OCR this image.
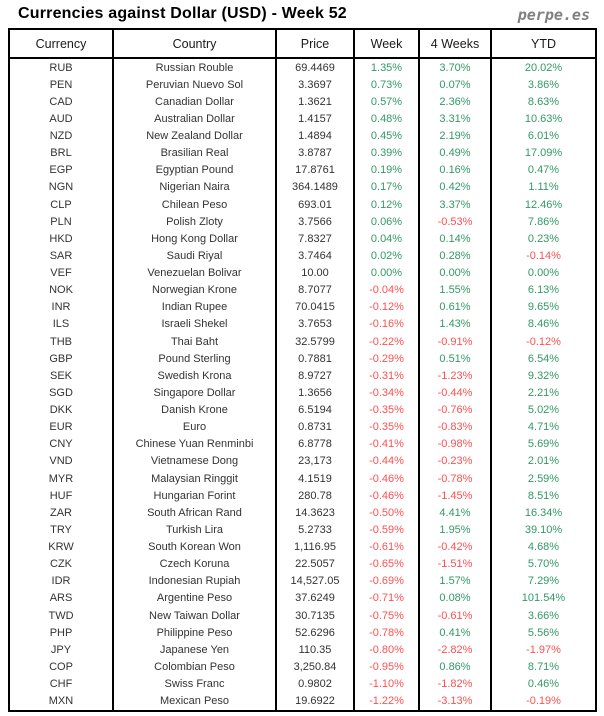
Currencies against Dollar (USD) - Week 52	perpe.es
Currency	Country	Price	Week	4 Weeks	YTD
RUB	Russian Rouble	69.4469	1.35%	3.70%	20.02%
PEN	Peruvian Nuevo Sol	3.3697	0.73%	0.07%	3.86%
CAD	Canadian Dollar	1.3621	0.57%	2.36%	8.63%
AUD	Australian Dollar	1.4157	0.48%	3.31%	10.63%
NZD	New Zealand Dollar	1.4894	0.45%	2.19%	6.01%
BRL	Brasilian Real	3.8787	0.39%	0.49%	17.09%
EGP	Egyptian Pound	17.8761	0.19%	0.16%	0.47%
NGN	Nigerian Naira	364.1489	0.17%	0.42%	1.11%
CLP	Chilean Peso	693.01	0.12%	3.37%	12.46%
PLN	Polish Zloty	3.7566	0.06%	-0.53%	7.86%
HKD	Hong Kong Dollar	7.8327	0.04%	0.14%	0.23%
SAR	Saudi Riyal	3.7464	0.02%	0.28%	-0.14%
VEF	Venezuelan Bolivar	10.00	0.00%	0.00%	0.00%
NOK	Norwegian Krone	8.7077	-0.04%	1.55%	6.13%
INR	Indian Rupee	70.0415	-0.12%	0.61%	9.65%
ILS	Israeli Shekel	3.7653	-0.16%	1.43%	8.46%
THB	Thai Baht	32.5799	-0.22%	-0.91%	-0.12%
GBP	Pound Sterling	0.7881	-0.29%	0.51%	6.54%
SEK	Swedish Krona	8.9727	-0.31%	-1.23%	9.32%
SGD	Singapore Dollar	1.3656	-0.34%	-0.44%	2.21%
DKK	Danish Krone	6.5194	-0.35%	-0.76%	5.02%
EUR	Euro	0.8731	-0.35%	-0.83%	4.71%
CNY	Chinese Yuan Renminbi	6.8778	-0.41%	-0.98%	5.69%
VND	Vietnamese Dong	23,173	-0.44%	-0.23%	2.01%
MYR	Malaysian Ringgit	4.1519	-0.46%	-0.78%	2.59%
HUF	Hungarian Forint	280.78	-0.46%	-1.45%	8.51%
ZAR	South African Rand	14.3623	-0.50%	4.41%	16.34%
TRY	Turkish Lira	5.2733	-0.59%	1.95%	39.10%
KRW	South Korean Won	1,116.95	-0.61%	-0.42%	4.68%
CZK	Czech Koruna	22.5057	-0.65%	-1.51%	5.70%
IDR	Indonesian Rupiah	14,527.05	-0.69%	1.57%	7.29%
ARS	Argentine Peso	37.6249	-0.71%	0.08%	101.54%
TWD	New Taiwan Dollar	30.7135	-0.75%	-0.61%	3.66%
PHP	Philippine Peso	52.6296	-0.78%	0.41%	5.56%
JPY	Japanese Yen	110.35	-0.80%	-2.82%	-1.97%
COP	Colombian Peso	3,250.84	-0.95%	0.86%	8.71%
CHF	Swiss Franc	0.9802	-1.10%	-1.82%	0.46%
MXN	Mexican Peso	19.6922	-1.22%	-3.13%	-0.19%
